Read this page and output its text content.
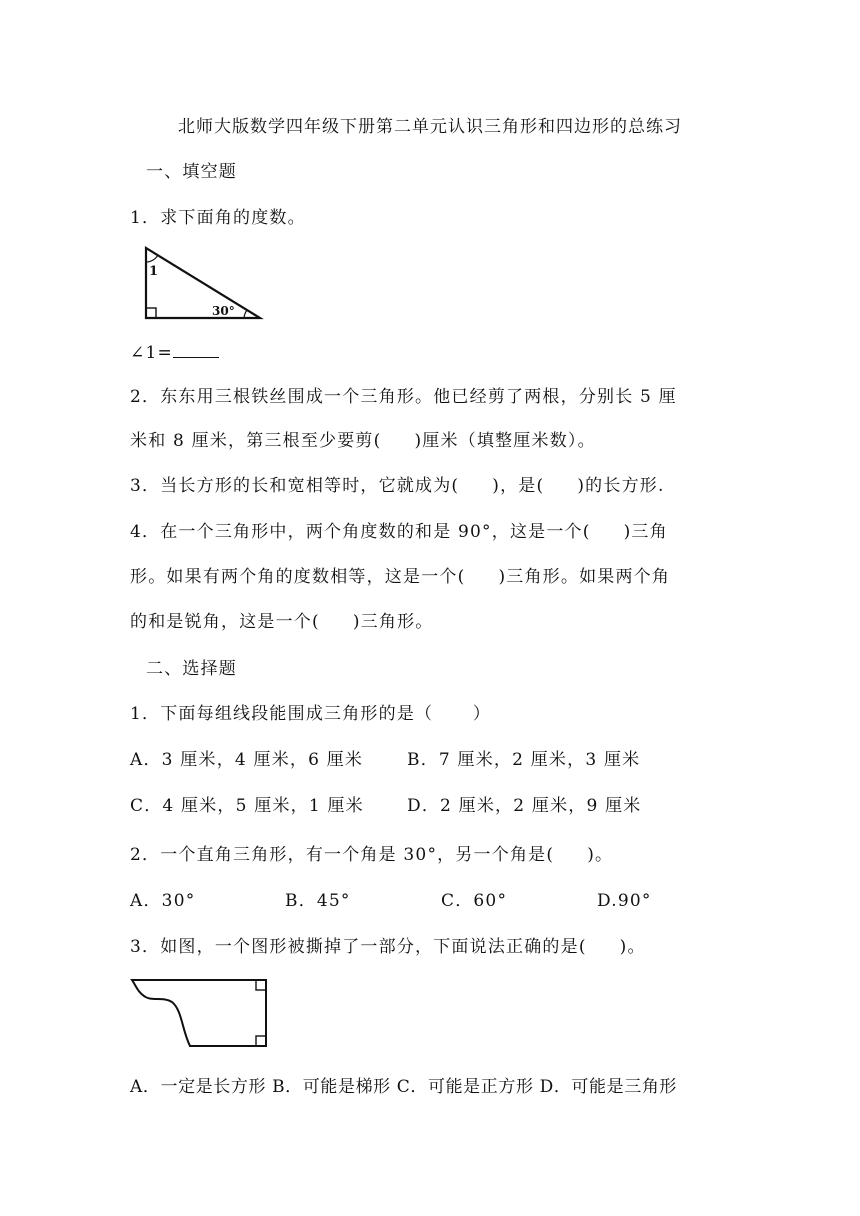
北师大版数学四年级下册第二单元认识三角形和四边形的总练习
一、填空题
1．求下面角的度数。
1
30°
∠1=
2．东东用三根铁丝围成一个三角形。他已经剪了两根，分别长 5 厘
米和 8 厘米，第三根至少要剪(     )厘米（填整厘米数）。
3．当长方形的长和宽相等时，它就成为(     )，是(     )的长方形.
4．在一个三角形中，两个角度数的和是 90°，这是一个(     )三角
形。如果有两个角的度数相等，这是一个(     )三角形。如果两个角
的和是锐角，这是一个(     )三角形。
二、选择题
1．下面每组线段能围成三角形的是（      ）
A．3 厘米，4 厘米，6 厘米	B．7 厘米，2 厘米，3 厘米
C．4 厘米，5 厘米，1 厘米	D．2 厘米，2 厘米，9 厘米
2．一个直角三角形，有一个角是 30°，另一个角是(     )。
A．30°	B．45°	C．60°	D.90°
3．如图，一个图形被撕掉了一部分，下面说法正确的是(     )。
A．一定是长方形 B．可能是梯形 C．可能是正方形 D．可能是三角形
